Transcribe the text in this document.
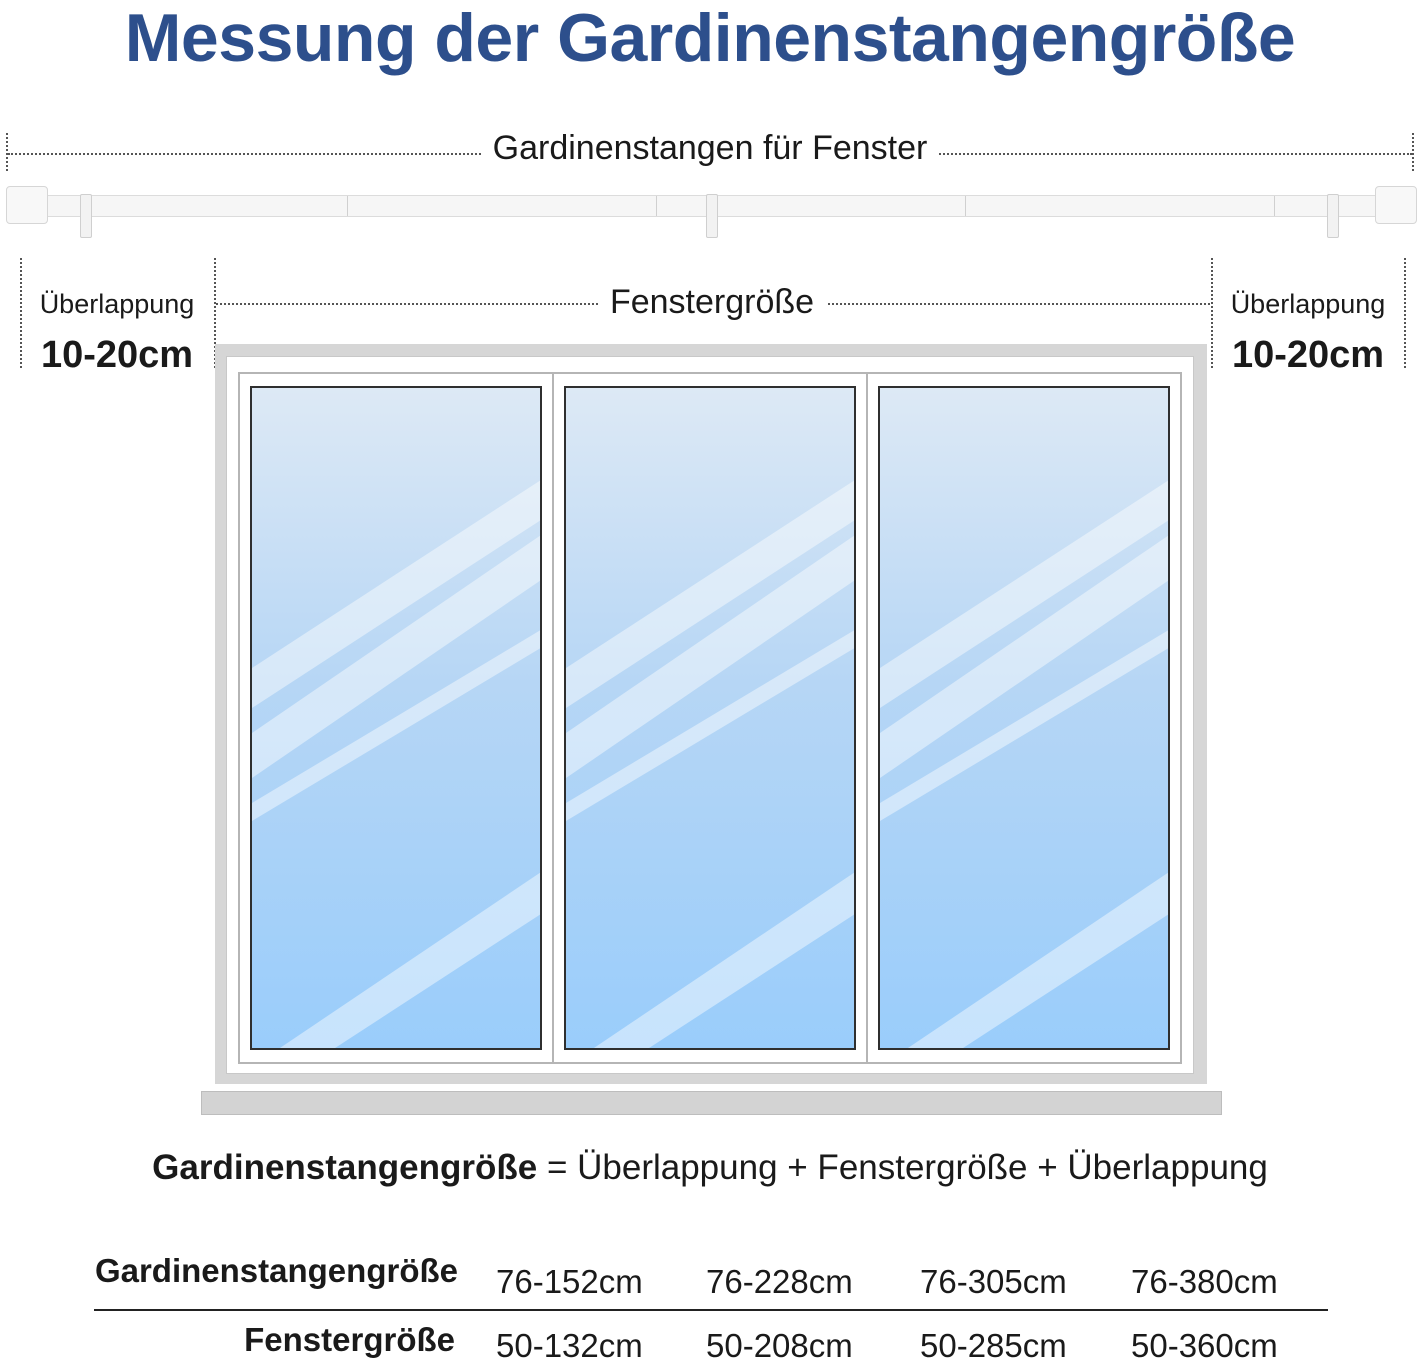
Messung der Gardinenstangengröße
Gardinenstangen für Fenster
Überlappung
10-20cm
Überlappung
10-20cm
Fenstergröße
Gardinenstangengröße = Überlappung + Fenstergröße + Überlappung
Gardinenstangengröße 76-152cm 76-228cm 76-305cm 76-380cm
Fenstergröße 50-132cm 50-208cm 50-285cm 50-360cm
